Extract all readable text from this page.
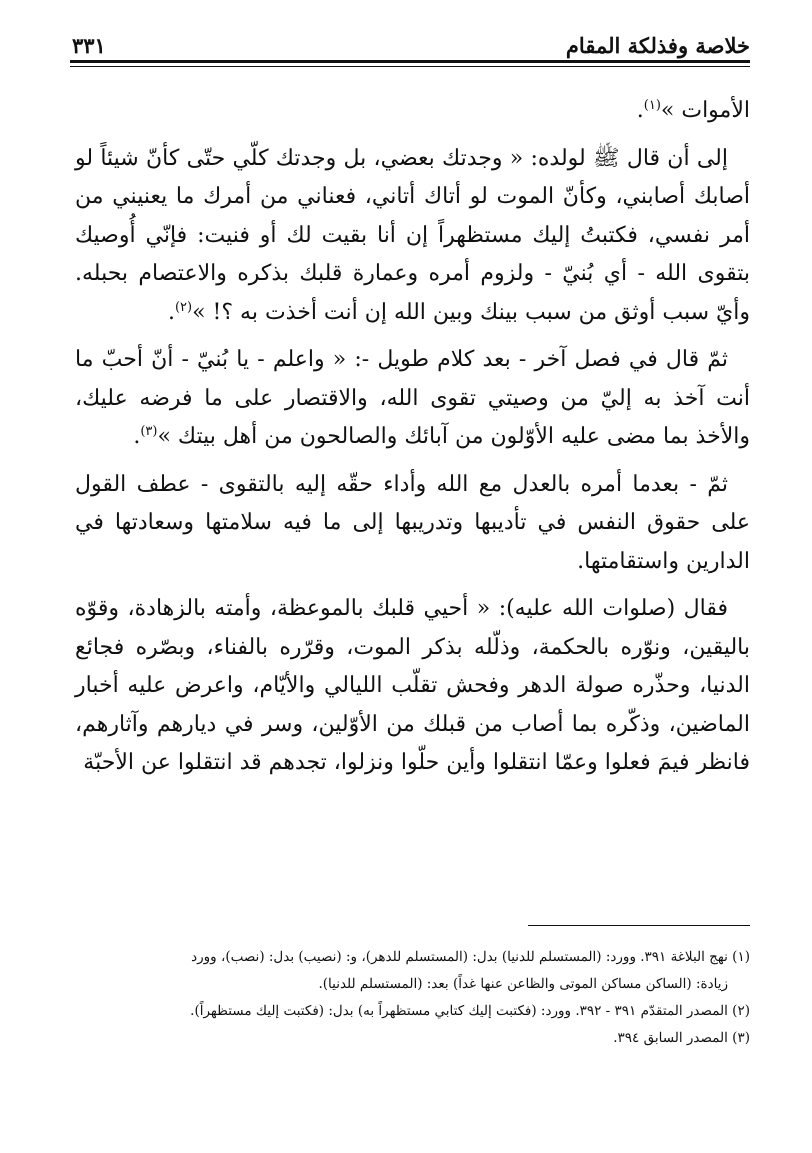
خلاصة وفذلكة المقام
٣٣١

الأموات »$^{(١)}$.

إلى أن قال ﷺ لولده: « وجدتك بعضي، بل وجدتك كلّي حتّى كأنّ شيئاً لو أصابك أصابني، وكأنّ الموت لو أتاك أتاني، فعناني من أمرك ما يعنيني من أمر نفسي، فكتبتُ إليك مستظهراً إن أنا بقيت لك أو فنيت: فإنّي أُوصيك بتقوى الله - أي بُنيّ - ولزوم أمره وعمارة قلبك بذكره والاعتصام بحبله. وأيّ سبب أوثق من سبب بينك وبين الله إن أنت أخذت به ؟! »$^{(٢)}$.

ثمّ قال في فصل آخر - بعد كلام طويل -: « واعلم - يا بُنيّ - أنّ أحبّ ما أنت آخذ به إليّ من وصيتي تقوى الله، والاقتصار على ما فرضه عليك، والأخذ بما مضى عليه الأوّلون من آبائك والصالحون من أهل بيتك »$^{(٣)}$.

ثمّ - بعدما أمره بالعدل مع الله وأداء حقّه إليه بالتقوى - عطف القول على حقوق النفس في تأديبها وتدريبها إلى ما فيه سلامتها وسعادتها في الدارين واستقامتها.

فقال (صلوات الله عليه): « أحيي قلبك بالموعظة، وأمته بالزهادة، وقوّه باليقين، ونوّره بالحكمة، وذلّله بذكر الموت، وقرّره بالفناء، وبصّره فجائع الدنيا، وحذّره صولة الدهر وفحش تقلّب الليالي والأيّام، واعرض عليه أخبار الماضين، وذكّره بما أصاب من قبلك من الأوّلين، وسر في ديارهم وآثارهم، فانظر فيمَ فعلوا وعمّا انتقلوا وأين حلّوا ونزلوا، تجدهم قد انتقلوا عن الأحبّة

(١) نهج البلاغة ٣٩١. وورد: (المستسلم للدنيا) بدل: (المستسلم للدهر)، و: (نصيب) بدل: (نصب)، وورد

زيادة: (الساكن مساكن الموتى والظاعن عنها غداً) بعد: (المستسلم للدنيا).

(٢) المصدر المتقدّم ٣٩١ - ٣٩٢. وورد: (فكتبت إليك كتابي مستظهراً به) بدل: (فكتبت إليك مستظهراً).

(٣) المصدر السابق ٣٩٤.
